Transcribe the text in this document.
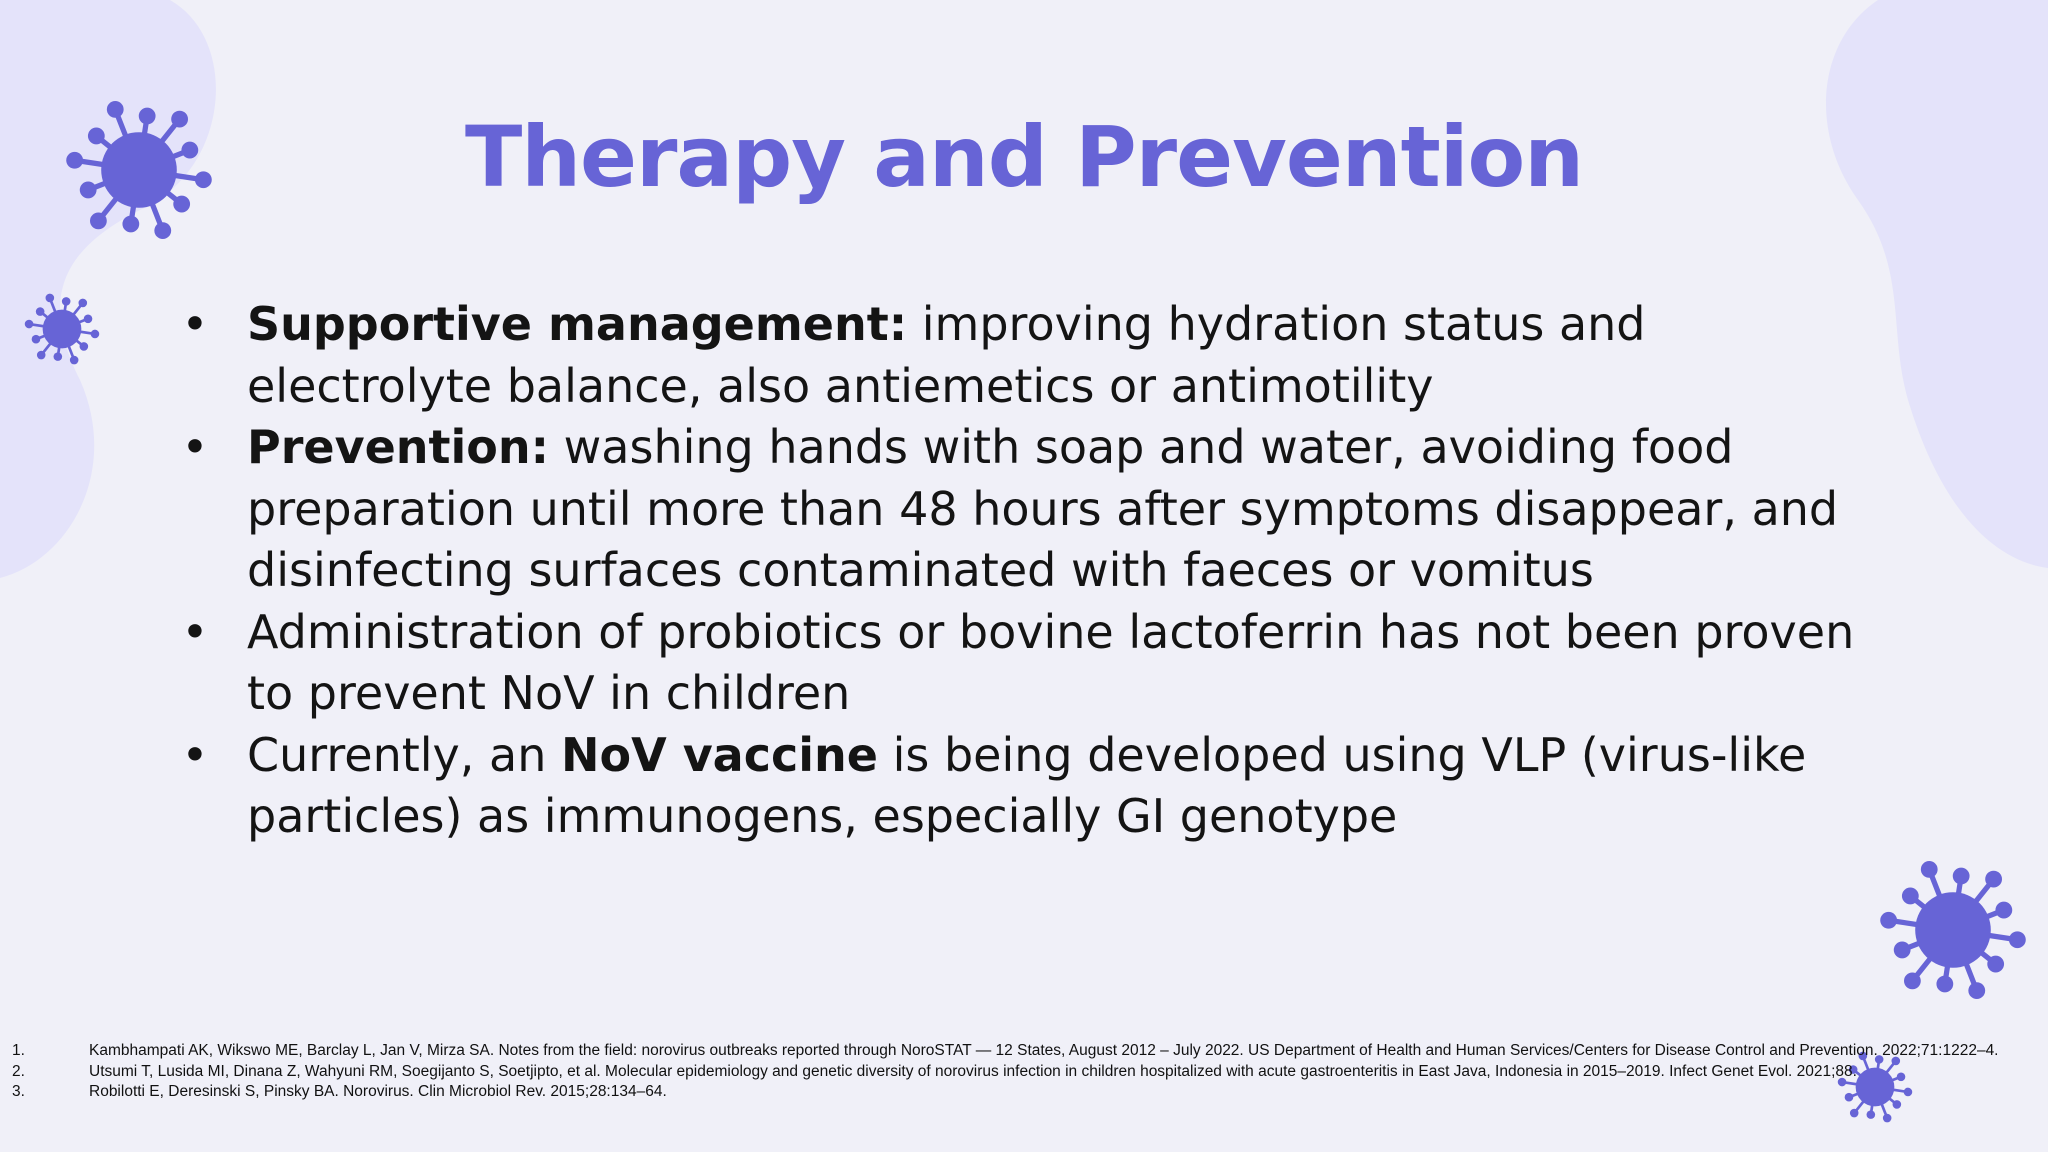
Therapy and Prevention
• Supportive management: improving hydration status and electrolyte balance, also antiemetics or antimotility
• Prevention: washing hands with soap and water, avoiding food preparation until more than 48 hours after symptoms disappear, and disinfecting surfaces contaminated with faeces or vomitus
• Administration of probiotics or bovine lactoferrin has not been proven to prevent NoV in children
• Currently, an NoV vaccine is being developed using VLP (virus-like particles) as immunogens, especially GI genotype
1.	Kambhampati AK, Wikswo ME, Barclay L, Jan V, Mirza SA. Notes from the field: norovirus outbreaks reported through NoroSTAT — 12 States, August 2012 – July 2022. US Department of Health and Human Services/Centers for Disease Control and Prevention. 2022;71:1222–4.
2.	Utsumi T, Lusida MI, Dinana Z, Wahyuni RM, Soegijanto S, Soetjipto, et al. Molecular epidemiology and genetic diversity of norovirus infection in children hospitalized with acute gastroenteritis in East Java, Indonesia in 2015–2019. Infect Genet Evol. 2021;88.
3.	Robilotti E, Deresinski S, Pinsky BA. Norovirus. Clin Microbiol Rev. 2015;28:134–64.
